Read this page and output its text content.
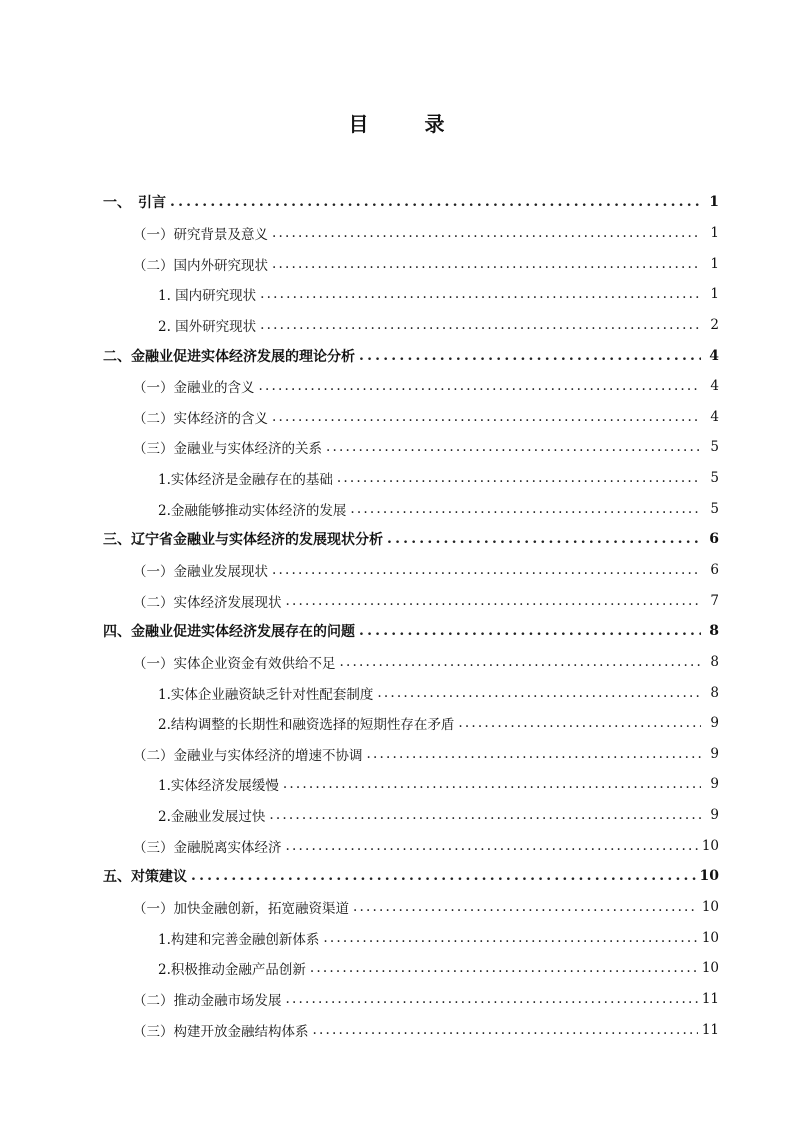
目　录
一、　引言 .....	1
（一）研究背景及意义 .....	1
（二）国内外研究现状 .....	1
1. 国内研究现状 .....	1
2. 国外研究现状 .....	2
二、金融业促进实体经济发展的理论分析 .....	4
（一）金融业的含义 .....	4
（二）实体经济的含义 .....	4
（三）金融业与实体经济的关系 .....	5
1.实体经济是金融存在的基础 .....	5
2.金融能够推动实体经济的发展 .....	5
三、辽宁省金融业与实体经济的发展现状分析 .....	6
（一）金融业发展现状 .....	6
（二）实体经济发展现状 .....	7
四、金融业促进实体经济发展存在的问题 .....	8
（一）实体企业资金有效供给不足 .....	8
1.实体企业融资缺乏针对性配套制度 .....	8
2.结构调整的长期性和融资选择的短期性存在矛盾 .....	9
（二）金融业与实体经济的增速不协调 .....	9
1.实体经济发展缓慢 .....	9
2.金融业发展过快 .....	9
（三）金融脱离实体经济 .....	10
五、对策建议 .....	10
（一）加快金融创新，拓宽融资渠道 .....	10
1.构建和完善金融创新体系 .....	10
2.积极推动金融产品创新 .....	10
（二）推动金融市场发展 .....	11
（三）构建开放金融结构体系 .....	11
